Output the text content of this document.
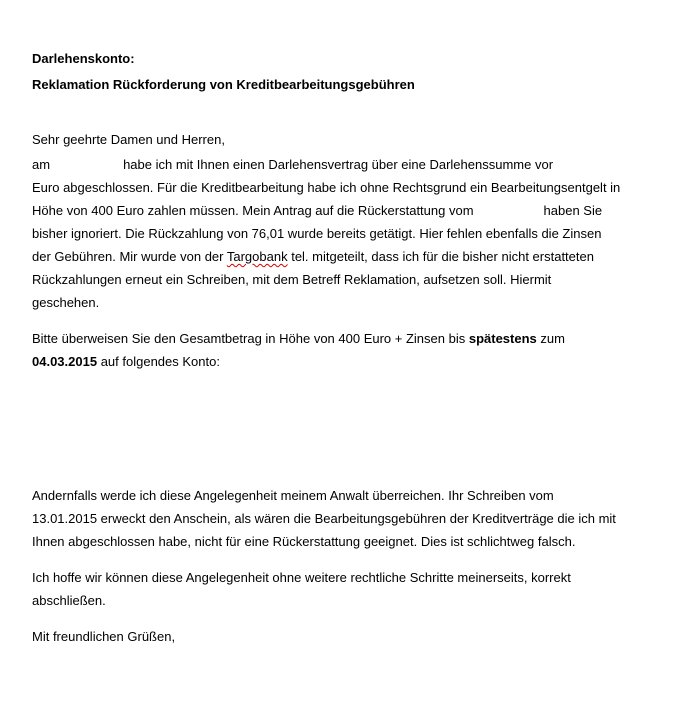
Darlehenskonto:
Reklamation Rückforderung von Kreditbearbeitungsgebühren
Sehr geehrte Damen und Herren,
am	habe ich mit Ihnen einen Darlehensvertrag über eine Darlehenssumme vor
Euro abgeschlossen. Für die Kreditbearbeitung habe ich ohne Rechtsgrund ein Bearbeitungsentgelt in
Höhe von 400 Euro zahlen müssen. Mein Antrag auf die Rückerstattung vom	haben Sie
bisher ignoriert. Die Rückzahlung von 76,01 wurde bereits getätigt. Hier fehlen ebenfalls die Zinsen
der Gebühren. Mir wurde von der Targobank tel. mitgeteilt, dass ich für die bisher nicht erstatteten
Rückzahlungen erneut ein Schreiben, mit dem Betreff Reklamation, aufsetzen soll. Hiermit
geschehen.
Bitte überweisen Sie den Gesamtbetrag in Höhe von 400 Euro + Zinsen bis spätestens zum
04.03.2015 auf folgendes Konto:
Andernfalls werde ich diese Angelegenheit meinem Anwalt überreichen. Ihr Schreiben vom
13.01.2015 erweckt den Anschein, als wären die Bearbeitungsgebühren der Kreditverträge die ich mit
Ihnen abgeschlossen habe, nicht für eine Rückerstattung geeignet. Dies ist schlichtweg falsch.
Ich hoffe wir können diese Angelegenheit ohne weitere rechtliche Schritte meinerseits, korrekt
abschließen.
Mit freundlichen Grüßen,
